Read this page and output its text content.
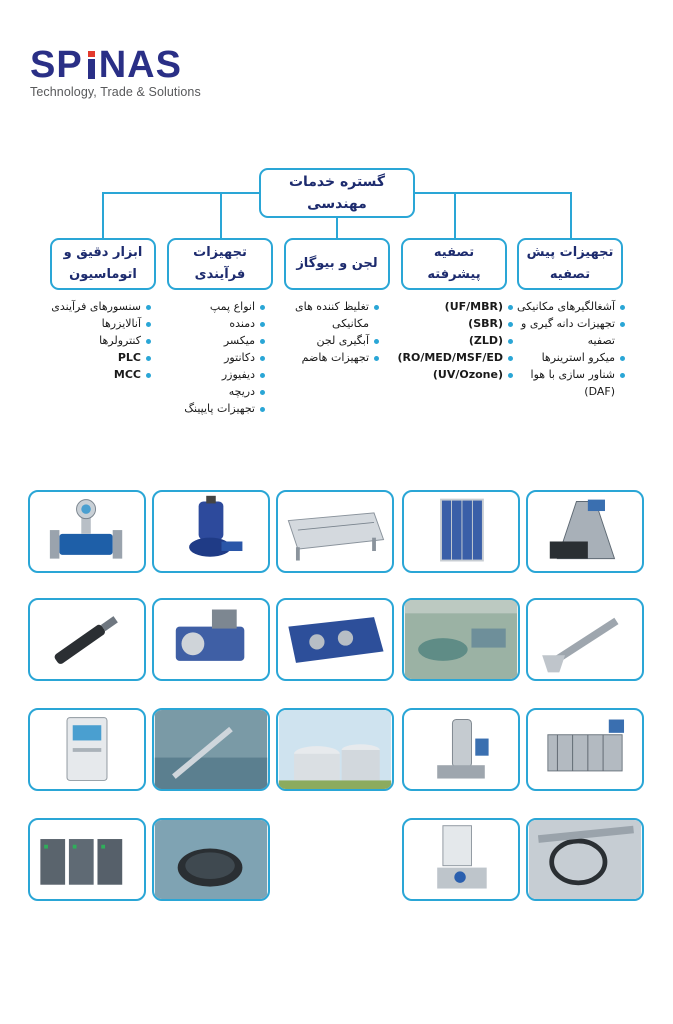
SP NAS
Technology, Trade & Solutions
گستره خدمات مهندسی
تجهیزات پیش تصفیه
تصفیه پیشرفته
لجن و بیوگاز
تجهیزات فرآیندی
ابزار دقیق و اتوماسیون
آشغالگیرهای مکانیکی
تجهیزات دانه گیری و تصفیه
میکرو استرینرها
شناور سازی با هوا (DAF)
(UF/MBR)
(SBR)
(ZLD)
RO/MED/MSF/ED)
(UV/Ozone)
تغلیظ کننده های مکانیکی
آبگیری لجن
تجهیزات هاضم
انواع پمپ
دمنده
میکسر
دکانتور
دیفیوزر
دریچه
تجهیزات پایپینگ
سنسورهای فرآیندی
آنالایزرها
کنترولرها
PLC
MCC
